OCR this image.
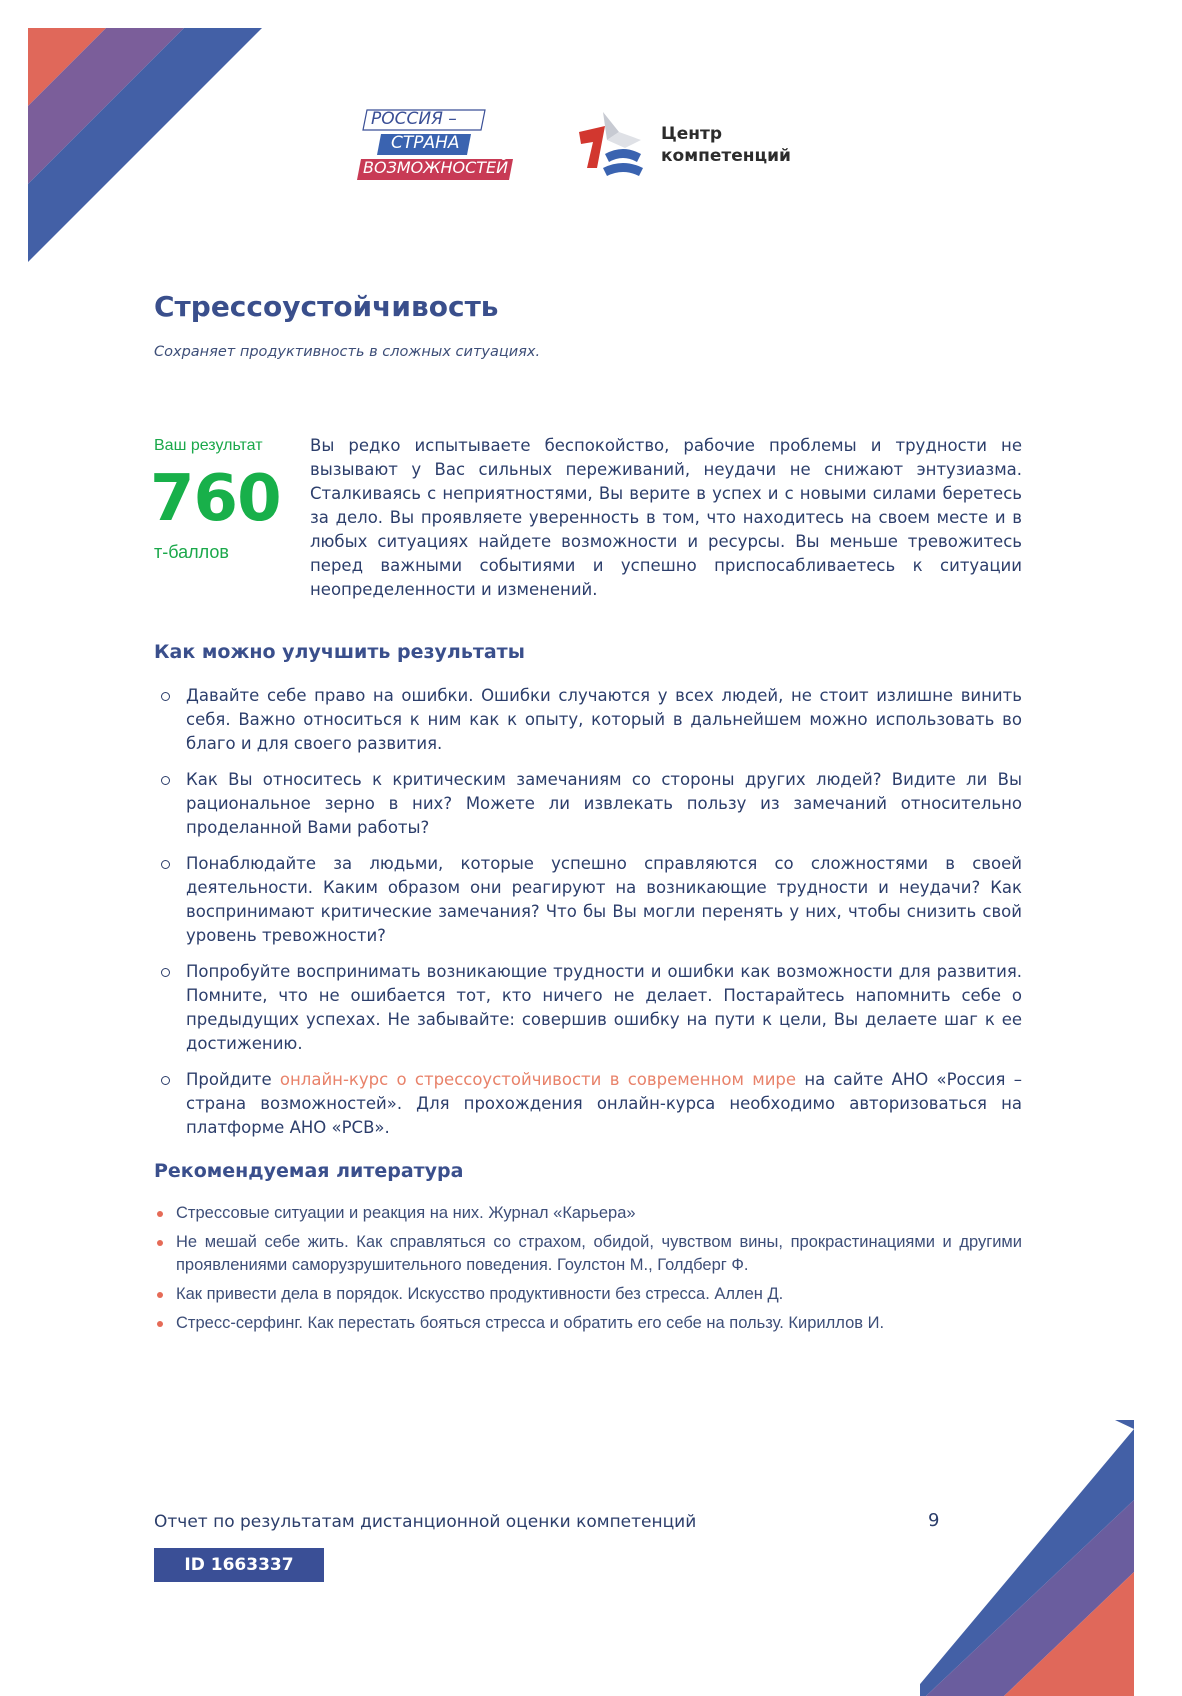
РОССИЯ –
СТРАНА
ВОЗМОЖНОСТЕЙ
Центр
компетенций
Стрессоустойчивость
Сохраняет продуктивность в сложных ситуациях.
Ваш результат
760
т-баллов
Вы редко испытываете беспокойство, рабочие проблемы и трудности не вызывают у Вас сильных переживаний, неудачи не снижают энтузиазма. Сталкиваясь с неприятностями, Вы верите в успех и с новыми силами беретесь за дело. Вы проявляете уверенность в том, что находитесь на своем месте и в любых ситуациях найдете возможности и ресурсы. Вы меньше тревожитесь перед важными событиями и успешно приспосабливаетесь к ситуации неопределенности и изменений.
Как можно улучшить результаты
Давайте себе право на ошибки. Ошибки случаются у всех людей, не стоит излишне винить себя. Важно относиться к ним как к опыту, который в дальнейшем можно использовать во благо и для своего развития.
Как Вы относитесь к критическим замечаниям со стороны других людей? Видите ли Вы рациональное зерно в них? Можете ли извлекать пользу из замечаний относительно проделанной Вами работы?
Понаблюдайте за людьми, которые успешно справляются со сложностями в своей деятельности. Каким образом они реагируют на возникающие трудности и неудачи? Как воспринимают критические замечания? Что бы Вы могли перенять у них, чтобы снизить свой уровень тревожности?
Попробуйте воспринимать возникающие трудности и ошибки как возможности для развития. Помните, что не ошибается тот, кто ничего не делает. Постарайтесь напомнить себе о предыдущих успехах. Не забывайте: совершив ошибку на пути к цели, Вы делаете шаг к ее достижению.
Пройдите онлайн-курс о стрессоустойчивости в современном мире на сайте АНО «Россия – страна возможностей». Для прохождения онлайн-курса необходимо авторизоваться на платформе АНО «РСВ».
Рекомендуемая литература
Стрессовые ситуации и реакция на них. Журнал «Карьера»
Не мешай себе жить. Как справляться со страхом, обидой, чувством вины, прокрастинациями и другими проявлениями саморузрушительного поведения. Гоулстон М., Голдберг Ф.
Как привести дела в порядок. Искусство продуктивности без стресса. Аллен Д.
Стресс-серфинг. Как перестать бояться стресса и обратить его себе на пользу. Кириллов И.
Отчет по результатам дистанционной оценки компетенций	9
ID 1663337
